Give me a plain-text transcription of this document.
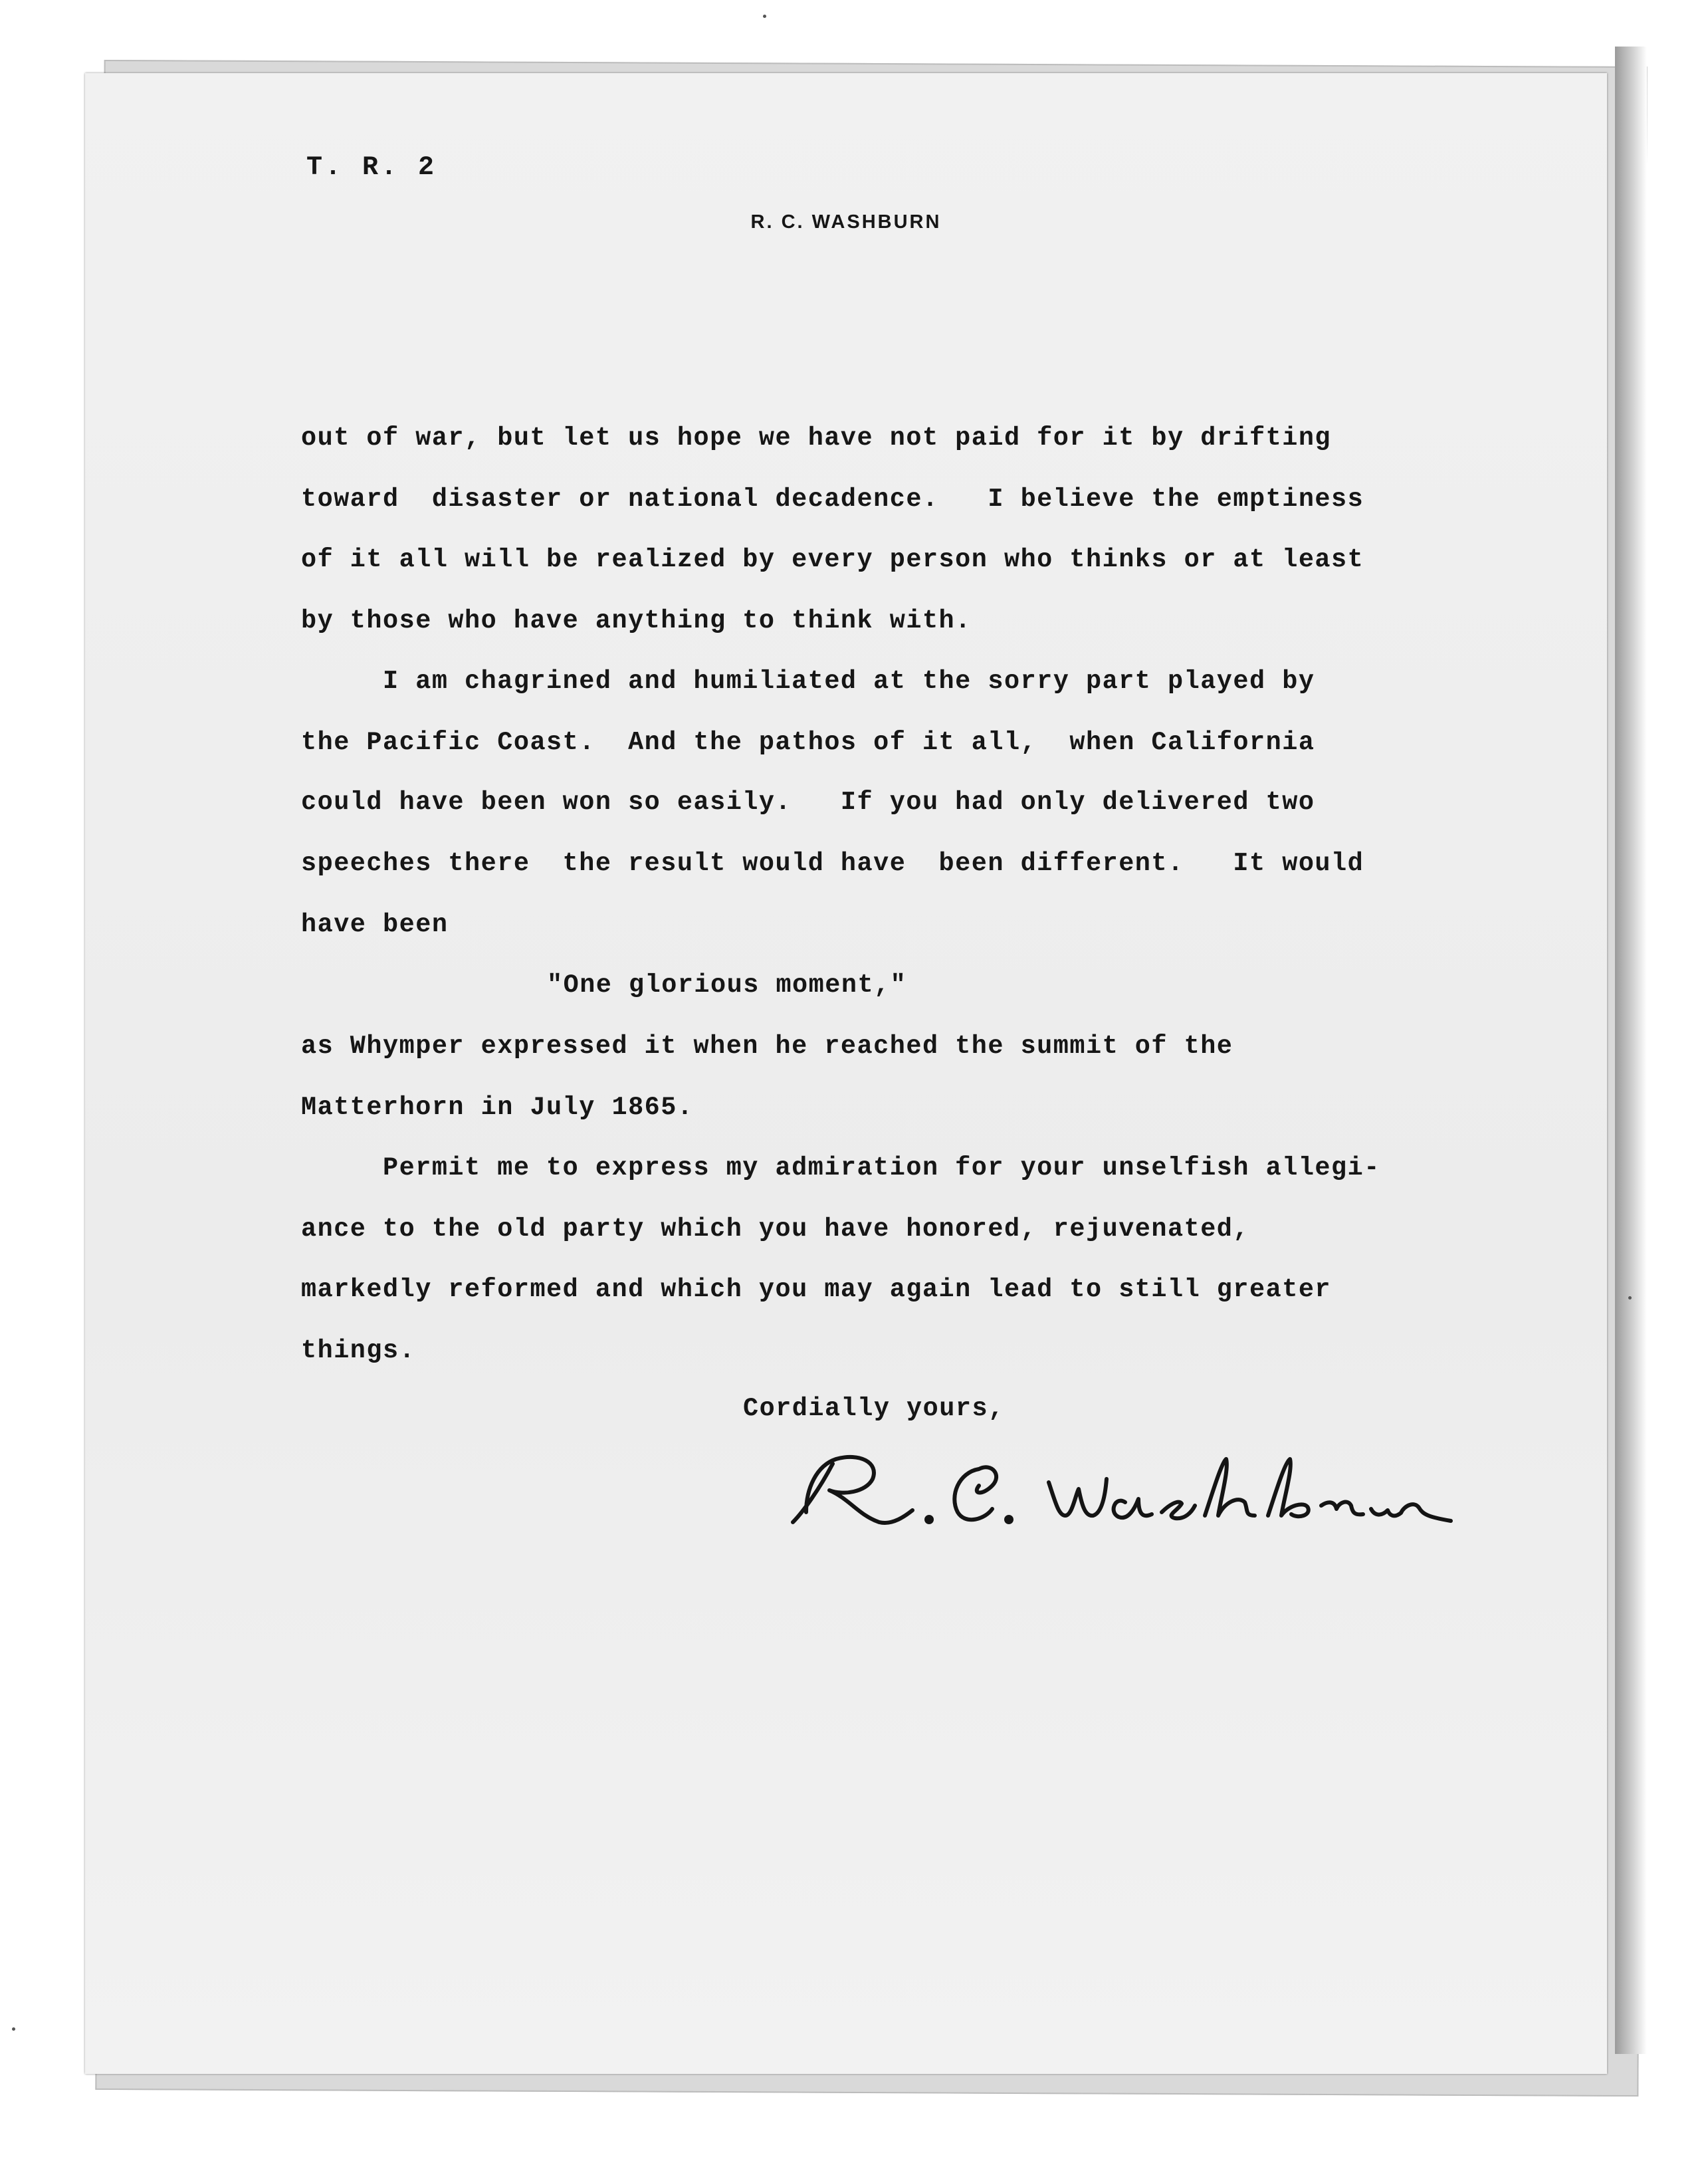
T. R. 2

R. C. WASHBURN

out of war, but let us hope we have not paid for it by drifting

toward  disaster or national decadence.   I believe the emptiness

of it all will be realized by every person who thinks or at least

by those who have anything to think with.

I am chagrined and humiliated at the sorry part played by

the Pacific Coast.  And the pathos of it all,  when California

could have been won so easily.   If you had only delivered two

speeches there  the result would have  been different.   It would

have been

"One glorious moment,"

as Whymper expressed it when he reached the summit of the

Matterhorn in July 1865.

Permit me to express my admiration for your unselfish allegi-

ance to the old party which you have honored, rejuvenated,

markedly reformed and which you may again lead to still greater

things.

Cordially yours,
